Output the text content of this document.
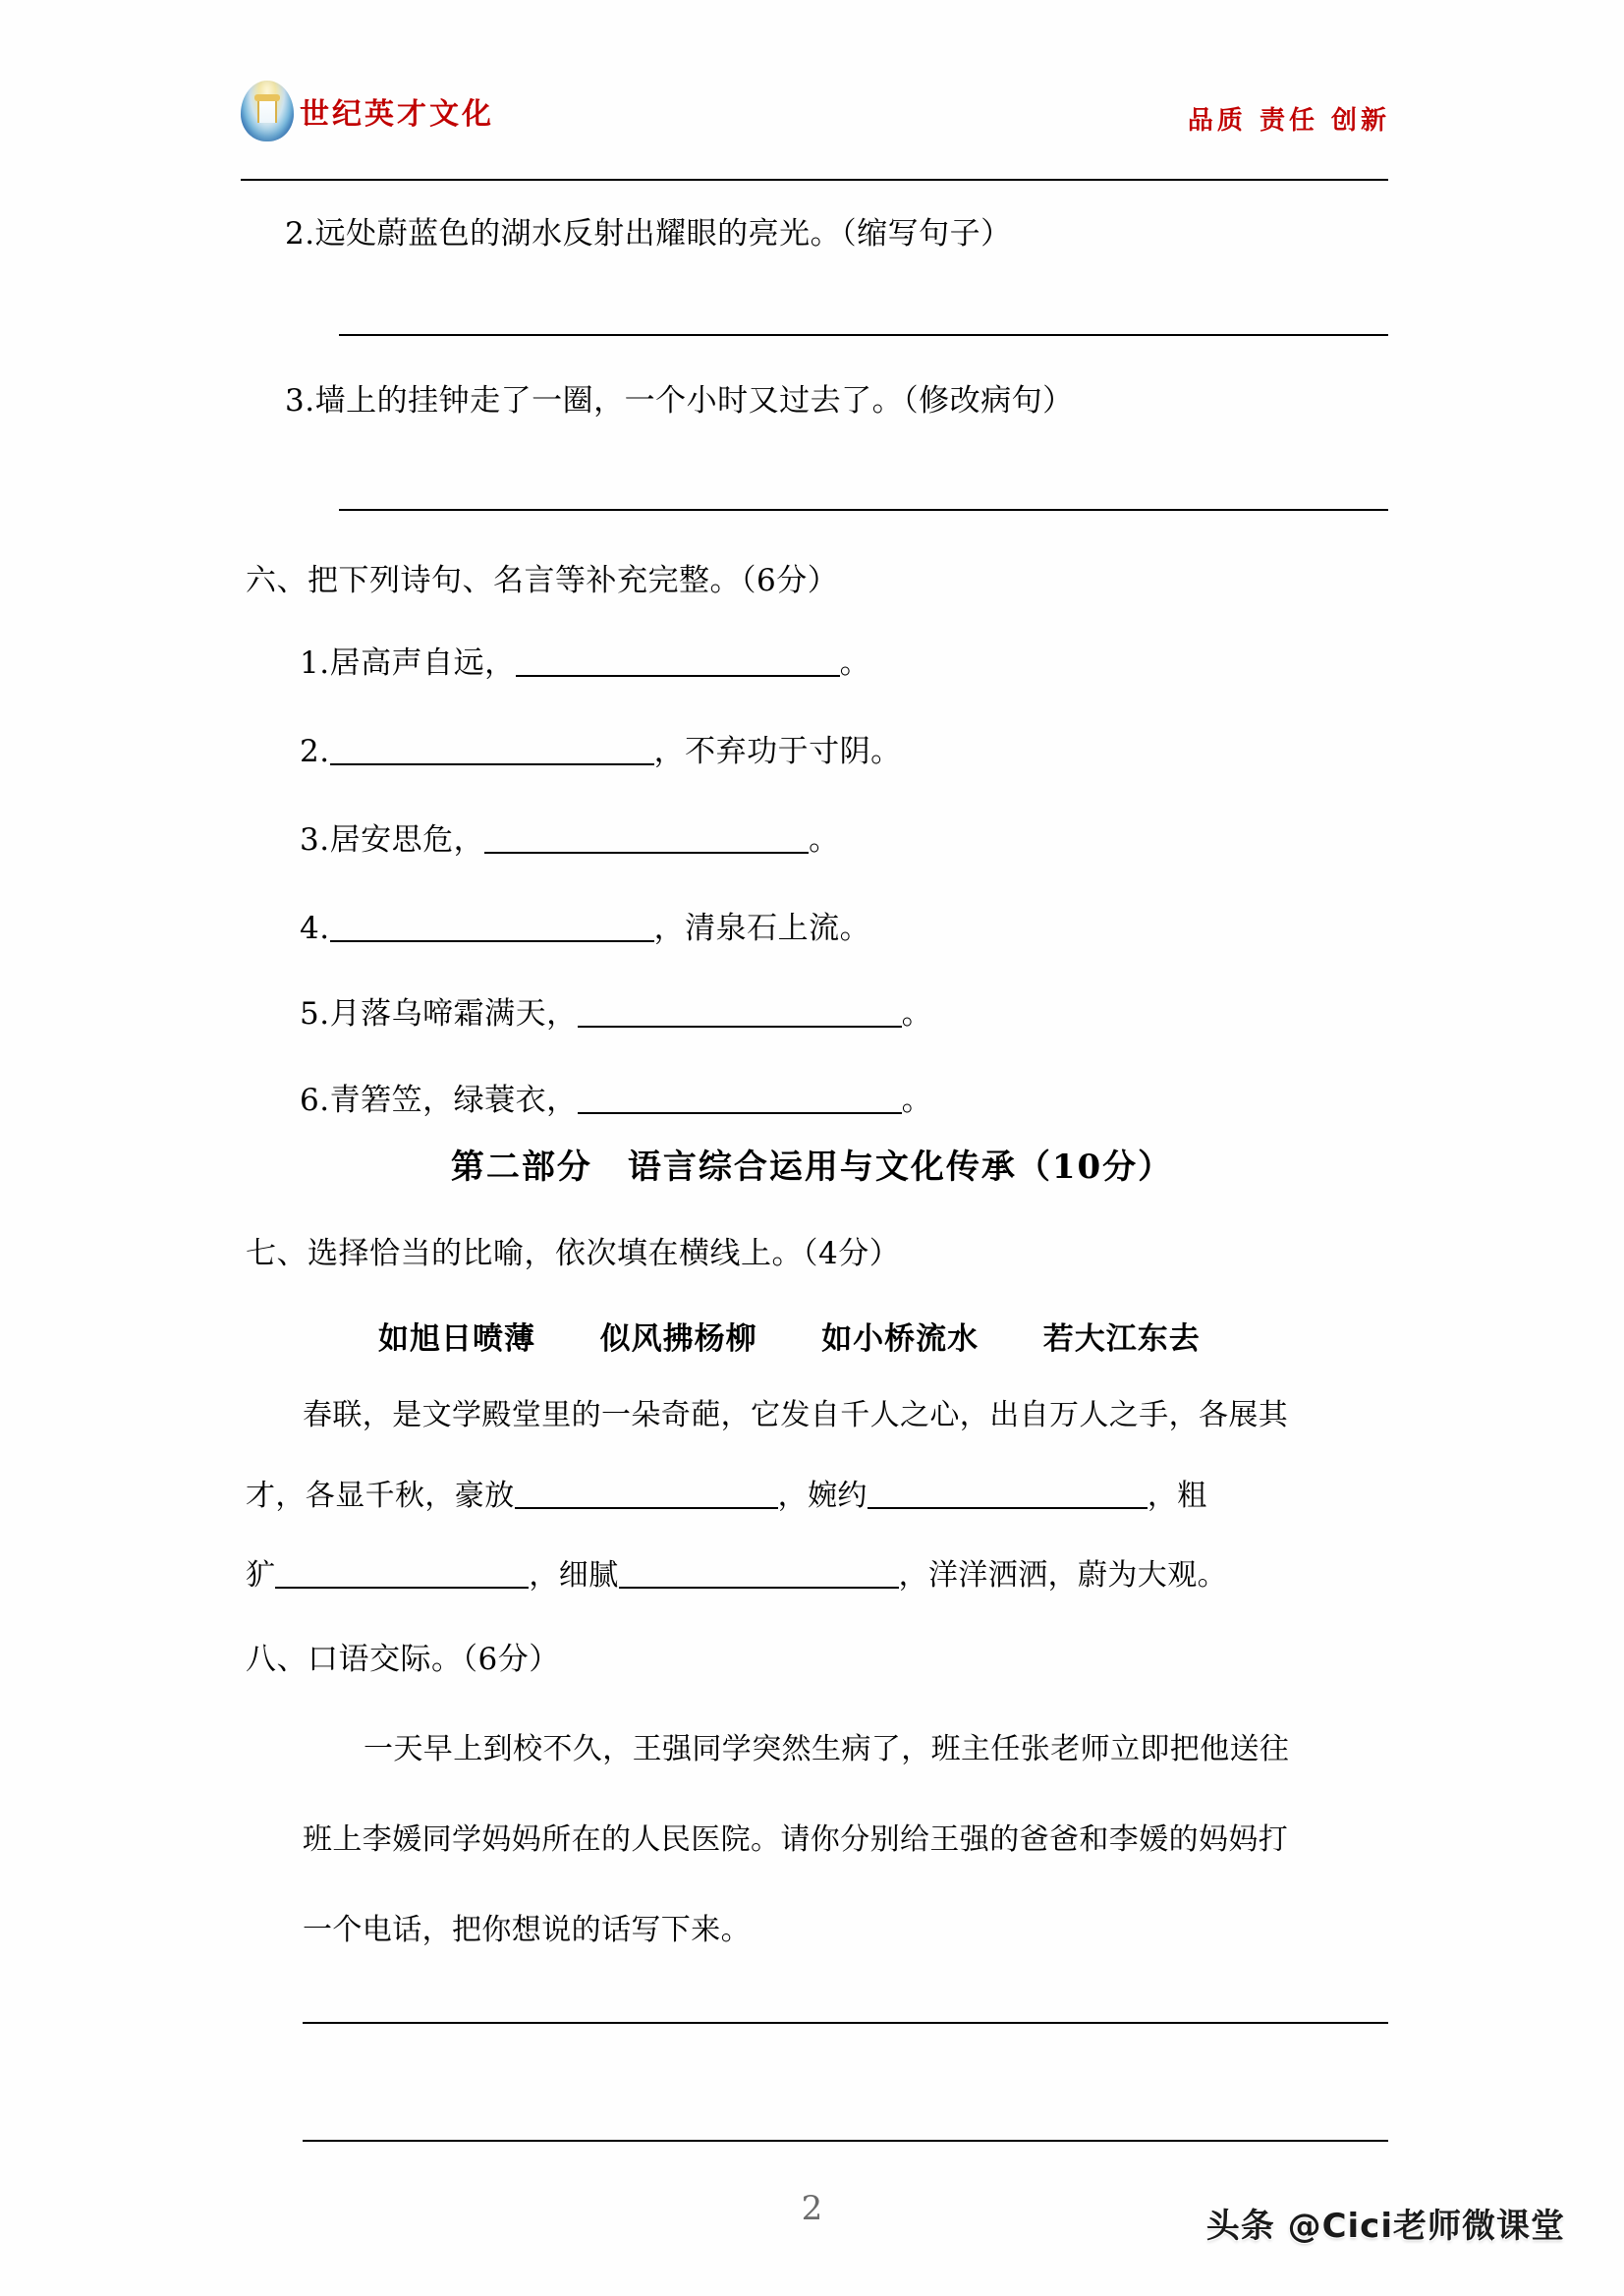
世纪英才文化	品质 责任 创新
2.远处蔚蓝色的湖水反射出耀眼的亮光。（缩写句子）
3.墙上的挂钟走了一圈，一个小时又过去了。（修改病句）
六、把下列诗句、名言等补充完整。（6分）
1.居高声自远，	。
2.	，不弃功于寸阴。
3.居安思危，	。
4.	，清泉石上流。
5.月落乌啼霜满天，	。
6.青箬笠，绿蓑衣，	。
第二部分　语言综合运用与文化传承（10分）
七、选择恰当的比喻，依次填在横线上。（4分）
如旭日喷薄 似风拂杨柳 如小桥流水 若大江东去
春联，是文学殿堂里的一朵奇葩，它发自千人之心，出自万人之手，各展其
才，各显千秋，豪放	，婉约	，粗
犷	，细腻	，洋洋洒洒，蔚为大观。
八、口语交际。（6分）
一天早上到校不久，王强同学突然生病了，班主任张老师立即把他送往
班上李媛同学妈妈所在的人民医院。请你分别给王强的爸爸和李媛的妈妈打
一个电话，把你想说的话写下来。
2	头条 @Cici老师微课堂
